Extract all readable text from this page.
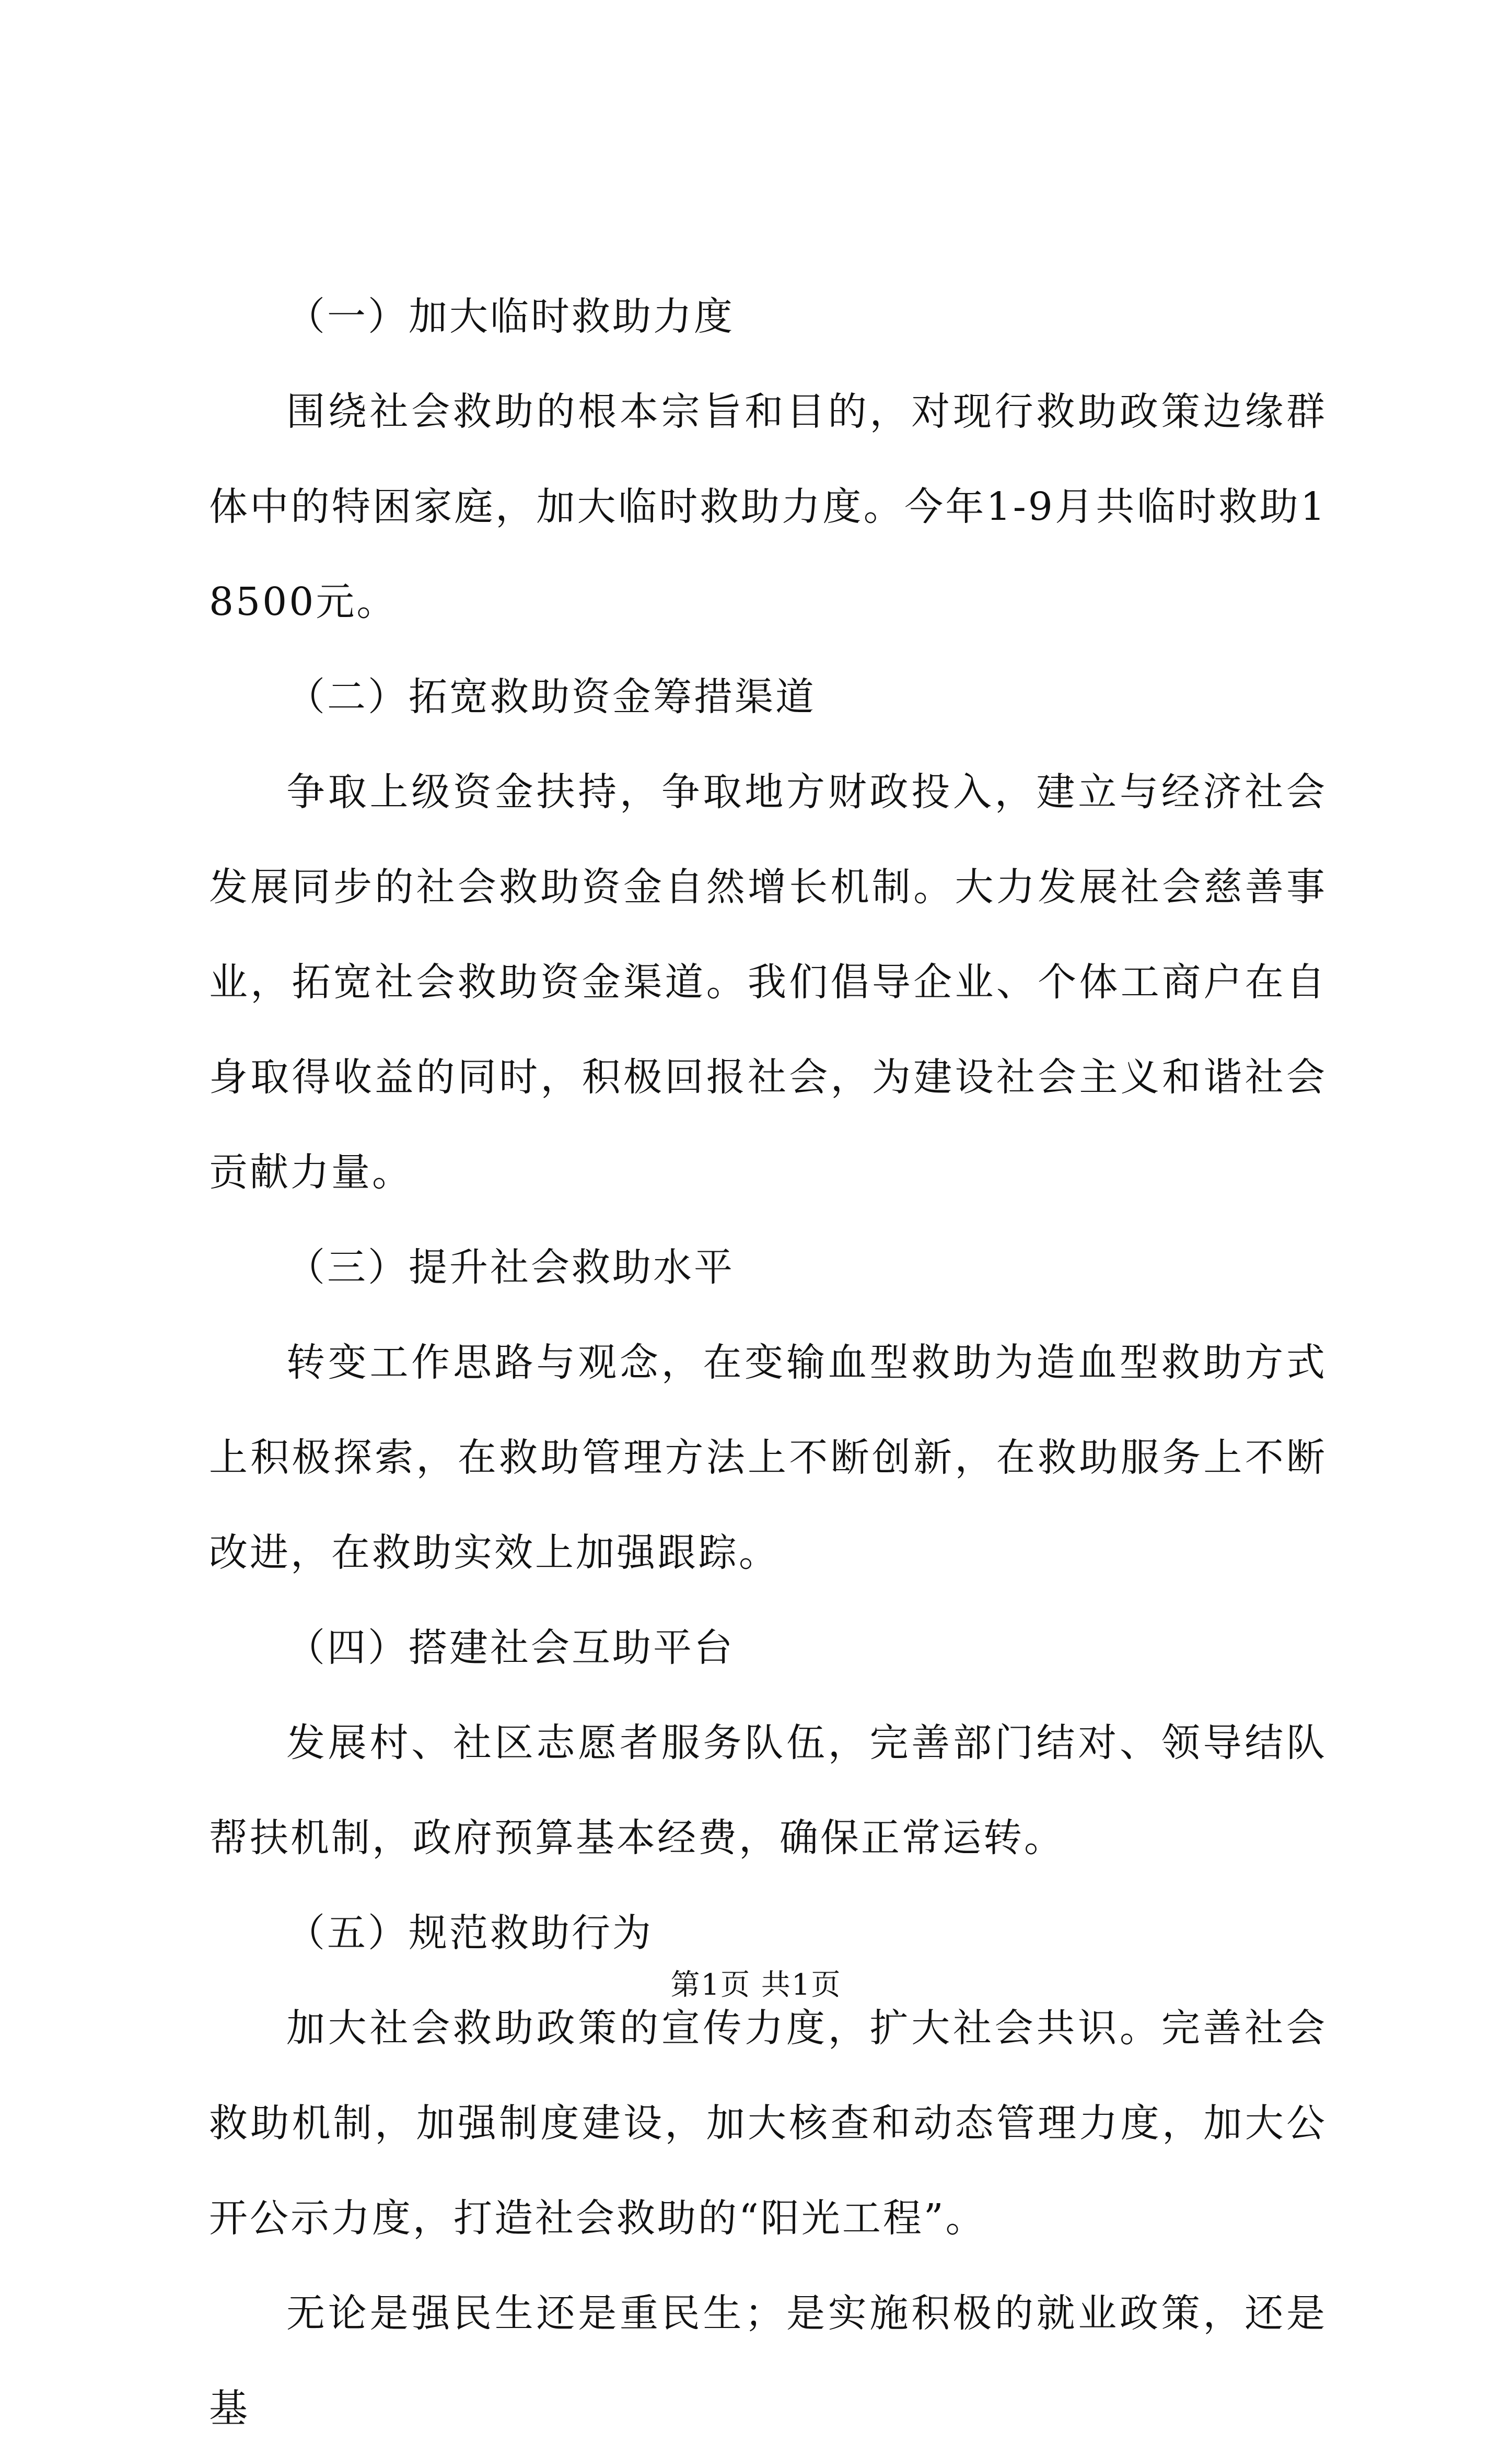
（一）加大临时救助力度

围绕社会救助的根本宗旨和目的，对现行救助政策边缘群体中的特困家庭，加大临时救助力度。今年1-9月共临时救助18500元。

（二）拓宽救助资金筹措渠道

争取上级资金扶持，争取地方财政投入，建立与经济社会发展同步的社会救助资金自然增长机制。大力发展社会慈善事业，拓宽社会救助资金渠道。我们倡导企业、个体工商户在自身取得收益的同时，积极回报社会，为建设社会主义和谐社会贡献力量。

（三）提升社会救助水平

转变工作思路与观念，在变输血型救助为造血型救助方式上积极探索，在救助管理方法上不断创新，在救助服务上不断改进，在救助实效上加强跟踪。

（四）搭建社会互助平台

发展村、社区志愿者服务队伍，完善部门结对、领导结队帮扶机制，政府预算基本经费，确保正常运转。

（五）规范救助行为

加大社会救助政策的宣传力度，扩大社会共识。完善社会救助机制，加强制度建设，加大核查和动态管理力度，加大公开公示力度，打造社会救助的“阳光工程”。

无论是强民生还是重民生；是实施积极的就业政策，还是基

第1页 共1页
